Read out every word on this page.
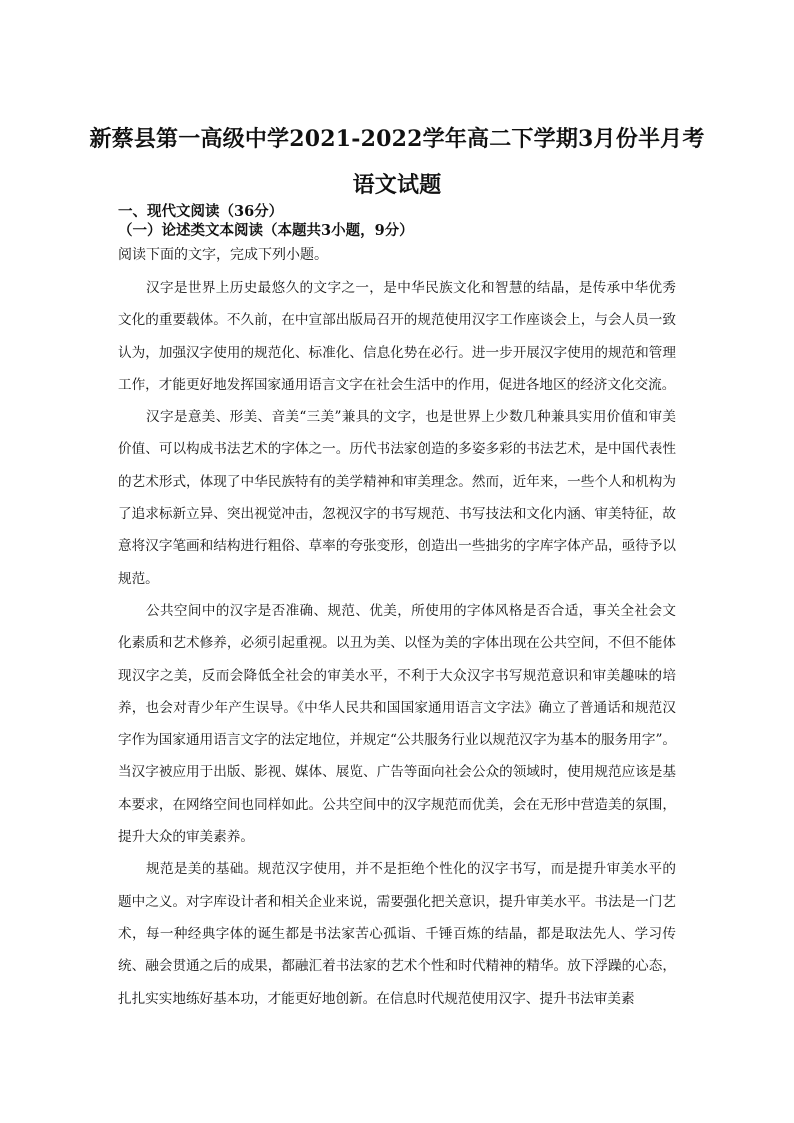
新蔡县第一高级中学2021-2022学年高二下学期3月份半月考
语文试题
一、现代文阅读（36分）
（一）论述类文本阅读（本题共3小题，9分）
阅读下面的文字，完成下列小题。

汉字是世界上历史最悠久的文字之一，是中华民族文化和智慧的结晶，是传承中华优秀文化的重要载体。不久前，在中宣部出版局召开的规范使用汉字工作座谈会上，与会人员一致认为，加强汉字使用的规范化、标准化、信息化势在必行。进一步开展汉字使用的规范和管理工作，才能更好地发挥国家通用语言文字在社会生活中的作用，促进各地区的经济文化交流。

汉字是意美、形美、音美“三美”兼具的文字，也是世界上少数几种兼具实用价值和审美价值、可以构成书法艺术的字体之一。历代书法家创造的多姿多彩的书法艺术，是中国代表性的艺术形式，体现了中华民族特有的美学精神和审美理念。然而，近年来，一些个人和机构为了追求标新立异、突出视觉冲击，忽视汉字的书写规范、书写技法和文化内涵、审美特征，故意将汉字笔画和结构进行粗俗、草率的夸张变形，创造出一些拙劣的字库字体产品，亟待予以规范。

公共空间中的汉字是否准确、规范、优美，所使用的字体风格是否合适，事关全社会文化素质和艺术修养，必须引起重视。以丑为美、以怪为美的字体出现在公共空间，不但不能体现汉字之美，反而会降低全社会的审美水平，不利于大众汉字书写规范意识和审美趣味的培养，也会对青少年产生误导。《中华人民共和国国家通用语言文字法》确立了普通话和规范汉字作为国家通用语言文字的法定地位，并规定“公共服务行业以规范汉字为基本的服务用字”。当汉字被应用于出版、影视、媒体、展览、广告等面向社会公众的领域时，使用规范应该是基本要求，在网络空间也同样如此。公共空间中的汉字规范而优美，会在无形中营造美的氛围，提升大众的审美素养。

规范是美的基础。规范汉字使用，并不是拒绝个性化的汉字书写，而是提升审美水平的题中之义。对字库设计者和相关企业来说，需要强化把关意识，提升审美水平。书法是一门艺术，每一种经典字体的诞生都是书法家苦心孤诣、千锤百炼的结晶，都是取法先人、学习传统、融会贯通之后的成果，都融汇着书法家的艺术个性和时代精神的精华。放下浮躁的心态，扎扎实实地练好基本功，才能更好地创新。在信息时代规范使用汉字、提升书法审美素
